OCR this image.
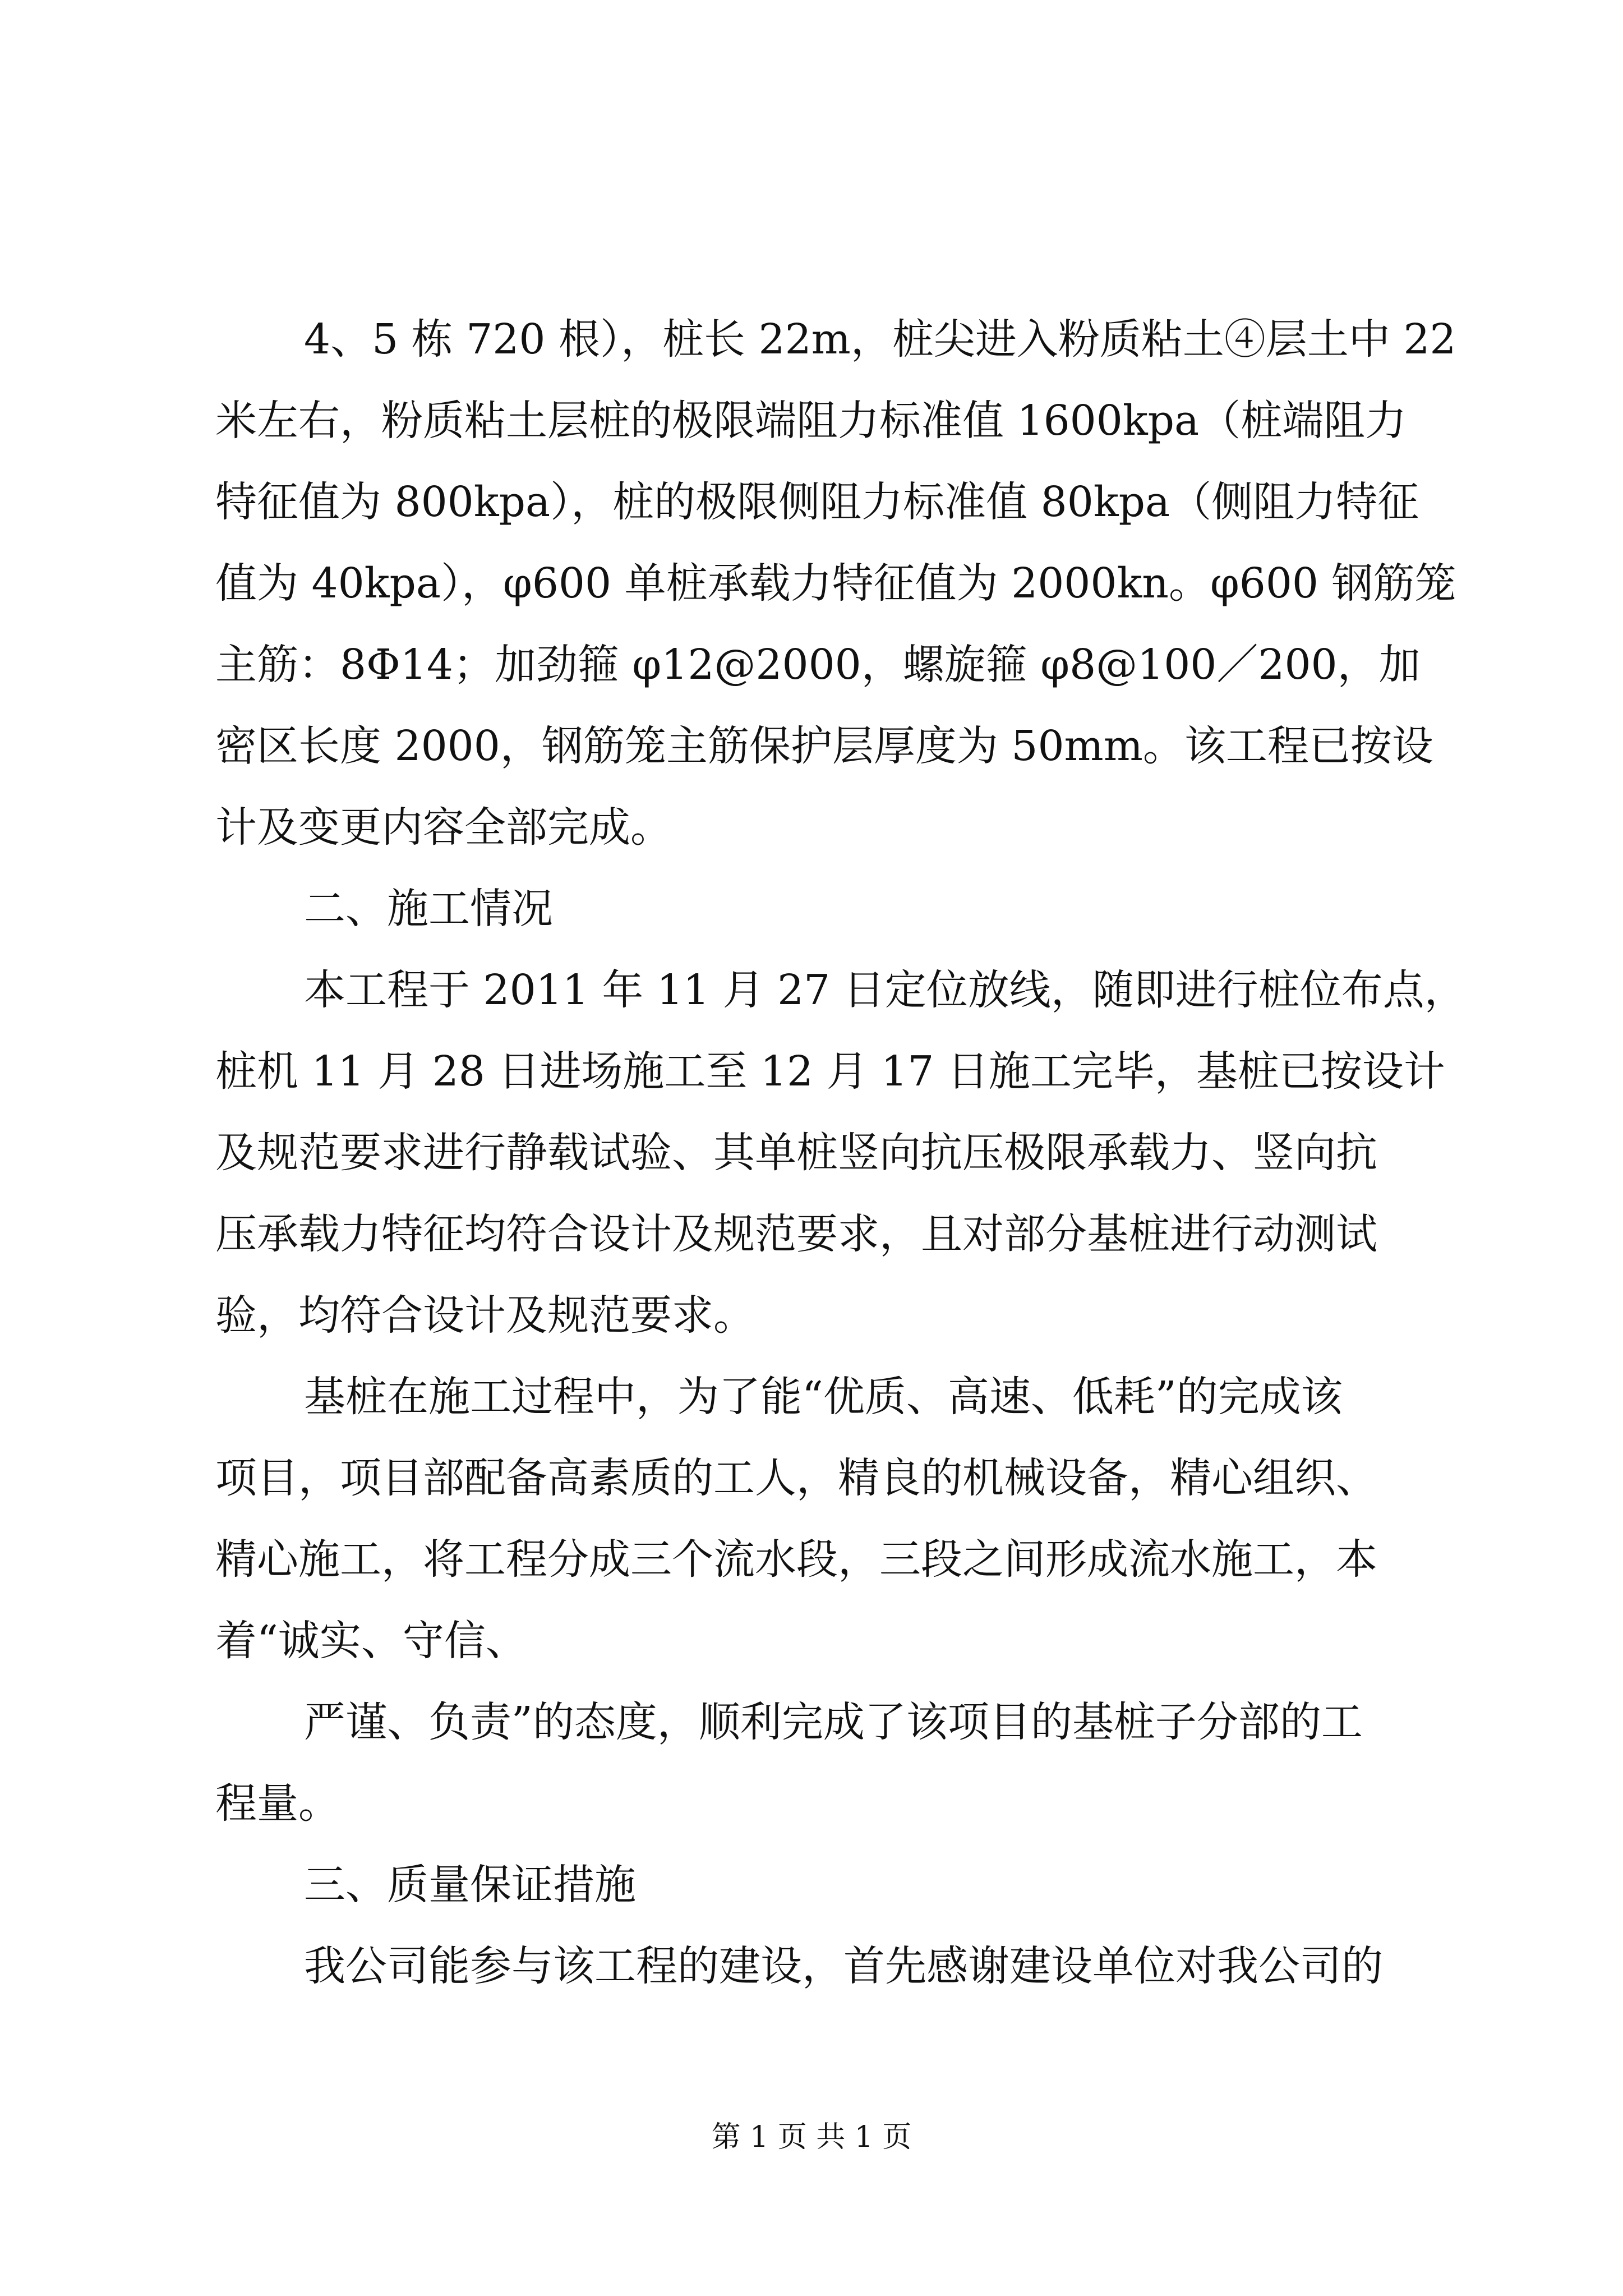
4、5 栋 720 根），桩长 22m，桩尖进入粉质粘土④层土中 22
米左右，粉质粘土层桩的极限端阻力标准值 1600kpa（桩端阻力
特征值为 800kpa），桩的极限侧阻力标准值 80kpa（侧阻力特征
值为 40kpa），φ600 单桩承载力特征值为 2000kn。φ600 钢筋笼
主筋：8Φ14；加劲箍 φ12@2000，螺旋箍 φ8@100／200，加
密区长度 2000，钢筋笼主筋保护层厚度为 50mm。该工程已按设
计及变更内容全部完成。
二、施工情况
本工程于 2011 年 11 月 27 日定位放线，随即进行桩位布点，
桩机 11 月 28 日进场施工至 12 月 17 日施工完毕，基桩已按设计
及规范要求进行静载试验、其单桩竖向抗压极限承载力、竖向抗
压承载力特征均符合设计及规范要求，且对部分基桩进行动测试
验，均符合设计及规范要求。
基桩在施工过程中，为了能“优质、高速、低耗”的完成该
项目，项目部配备高素质的工人，精良的机械设备，精心组织、
精心施工，将工程分成三个流水段，三段之间形成流水施工，本
着“诚实、守信、
严谨、负责”的态度，顺利完成了该项目的基桩子分部的工
程量。
三、质量保证措施
我公司能参与该工程的建设，首先感谢建设单位对我公司的
第 1 页 共 1 页
